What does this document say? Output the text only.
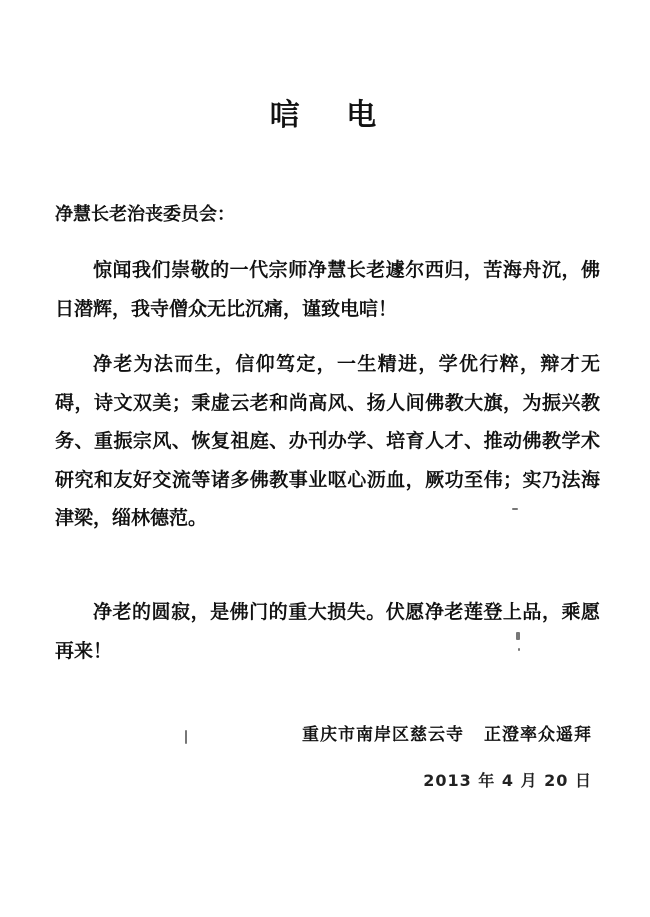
唁 电
净慧长老治丧委员会：
惊闻我们崇敬的一代宗师净慧长老遽尔西归，苦海舟沉，佛日潜辉，我寺僧众无比沉痛，谨致电唁！
净老为法而生，信仰笃定，一生精进，学优行粹，辩才无碍，诗文双美；秉虚云老和尚高风、扬人间佛教大旗，为振兴教务、重振宗风、恢复祖庭、办刊办学、培育人才、推动佛教学术研究和友好交流等诸多佛教事业呕心沥血，厥功至伟；实乃法海津梁，缁林德范。
净老的圆寂，是佛门的重大损失。伏愿净老莲登上品，乘愿再来！
重庆市南岸区慈云寺 正澄率众遥拜
2013 年 4 月 20 日
